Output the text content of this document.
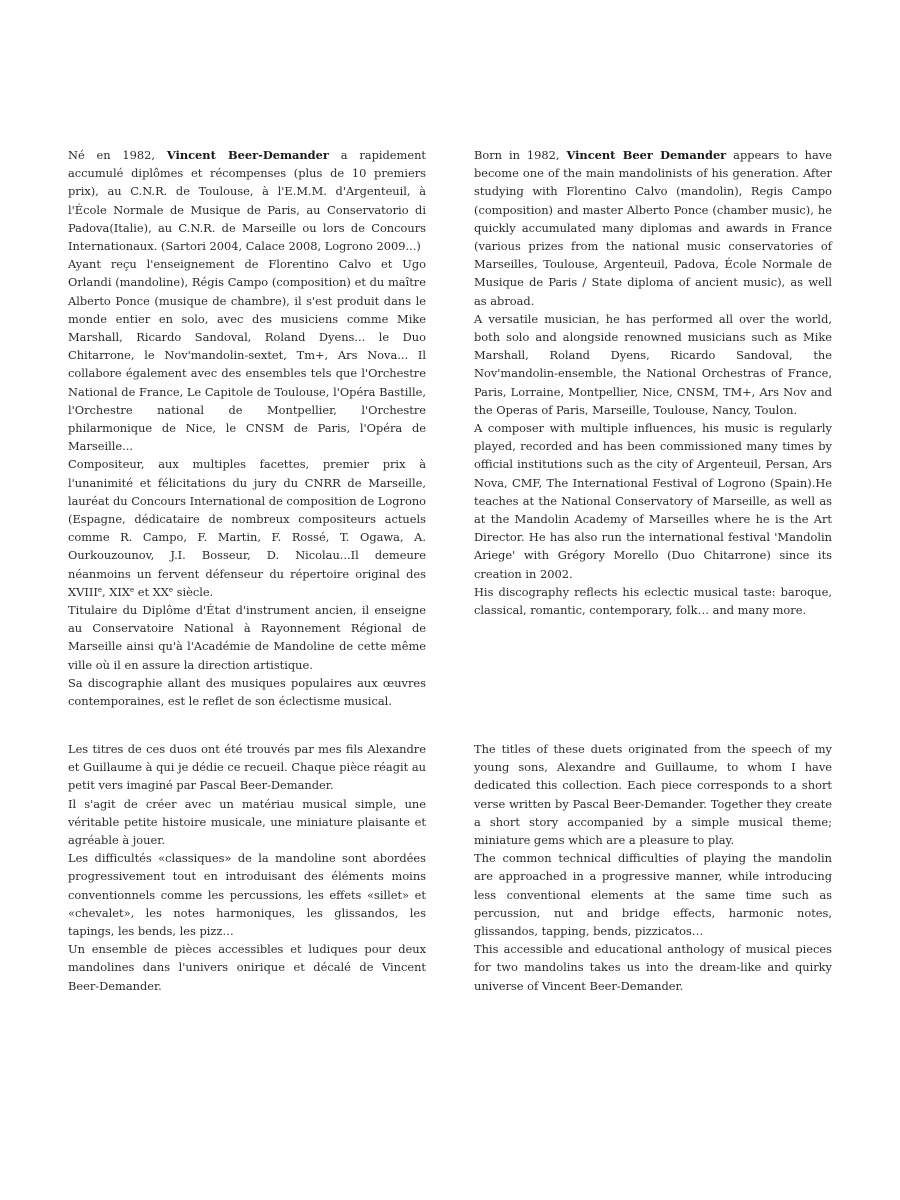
Né en 1982, Vincent Beer-Demander a rapidement accumulé diplômes et récompenses (plus de 10 premiers prix), au C.N.R. de Toulouse, à l'E.M.M. d'Argenteuil, à l'École Normale de Musique de Paris, au Conservatorio di Padova(Italie), au C.N.R. de Marseille ou lors de Concours Internationaux. (Sartori 2004, Calace 2008, Logrono 2009...)

Ayant reçu l'enseignement de Florentino Calvo et Ugo Orlandi (mandoline), Régis Campo (composition) et du maître Alberto Ponce (musique de chambre), il s'est produit dans le monde entier en solo, avec des musiciens comme Mike Marshall, Ricardo Sandoval, Roland Dyens... le Duo Chitarrone, le Nov'mandolin-sextet, Tm+, Ars Nova... Il collabore également avec des ensembles tels que l'Orchestre National de France, Le Capitole de Toulouse, l'Opéra Bastille, l'Orchestre national de Montpellier, l'Orchestre philarmonique de Nice, le CNSM de Paris, l'Opéra de Marseille...

Compositeur, aux multiples facettes, premier prix à l'unanimité et félicitations du jury du CNRR de Marseille, lauréat du Concours International de composition de Logrono (Espagne, dédicataire de nombreux compositeurs actuels comme R. Campo, F. Martin, F. Rossé, T. Ogawa, A. Ourkouzounov, J.I. Bosseur, D. Nicolau...Il demeure néanmoins un fervent défenseur du répertoire original des XVIIIe, XIXe et XXe siècle.

Titulaire du Diplôme d'État d'instrument ancien, il enseigne au Conservatoire National à Rayonnement Régional de Marseille ainsi qu'à l'Académie de Mandoline de cette même ville où il en assure la direction artistique.

Sa discographie allant des musiques populaires aux œuvres contemporaines, est le reflet de son éclectisme musical.

Born in 1982, Vincent Beer Demander appears to have become one of the main mandolinists of his generation. After studying with Florentino Calvo (mandolin), Regis Campo (composition) and master Alberto Ponce (chamber music), he quickly accumulated many diplomas and awards in France (various prizes from the national music conservatories of Marseilles, Toulouse, Argenteuil, Padova, École Normale de Musique de Paris / State diploma of ancient music), as well as abroad.

A versatile musician, he has performed all over the world, both solo and alongside renowned musicians such as Mike Marshall, Roland Dyens, Ricardo Sandoval, the Nov'mandolin-ensemble, the National Orchestras of France, Paris, Lorraine, Montpellier, Nice, CNSM, TM+, Ars Nov and the Operas of Paris, Marseille, Toulouse, Nancy, Toulon.

A composer with multiple influences, his music is regularly played, recorded and has been commissioned many times by official institutions such as the city of Argenteuil, Persan, Ars Nova, CMF, The International Festival of Logrono (Spain).He teaches at the National Conservatory of Marseille, as well as at the Mandolin Academy of Marseilles where he is the Art Director. He has also run the international festival 'Mandolin Ariege' with Grégory Morello (Duo Chitarrone) since its creation in 2002.

His discography reflects his eclectic musical taste: baroque, classical, romantic, contemporary, folk… and many more.

Les titres de ces duos ont été trouvés par mes fils Alexandre et Guillaume à qui je dédie ce recueil. Chaque pièce réagit au petit vers imaginé par Pascal Beer-Demander.

Il s'agit de créer avec un matériau musical simple, une véritable petite histoire musicale, une miniature plaisante et agréable à jouer.

Les difficultés «classiques» de la mandoline sont abordées progressivement tout en introduisant des éléments moins conventionnels comme les percussions, les effets «sillet» et «chevalet», les notes harmoniques, les glissandos, les tapings, les bends, les pizz…

Un ensemble de pièces accessibles et ludiques pour deux mandolines dans l'univers onirique et décalé de Vincent Beer-Demander.

The titles of these duets originated from the speech of my young sons, Alexandre and Guillaume, to whom I have dedicated this collection. Each piece corresponds to a short verse written by Pascal Beer-Demander. Together they create a short story accompanied by a simple musical theme; miniature gems which are a pleasure to play.

The common technical difficulties of playing the mandolin are approached in a progressive manner, while introducing less conventional elements at the same time such as percussion, nut and bridge effects, harmonic notes, glissandos, tapping, bends, pizzicatos…

This accessible and educational anthology of musical pieces for two mandolins takes us into the dream-like and quirky universe of Vincent Beer-Demander.
